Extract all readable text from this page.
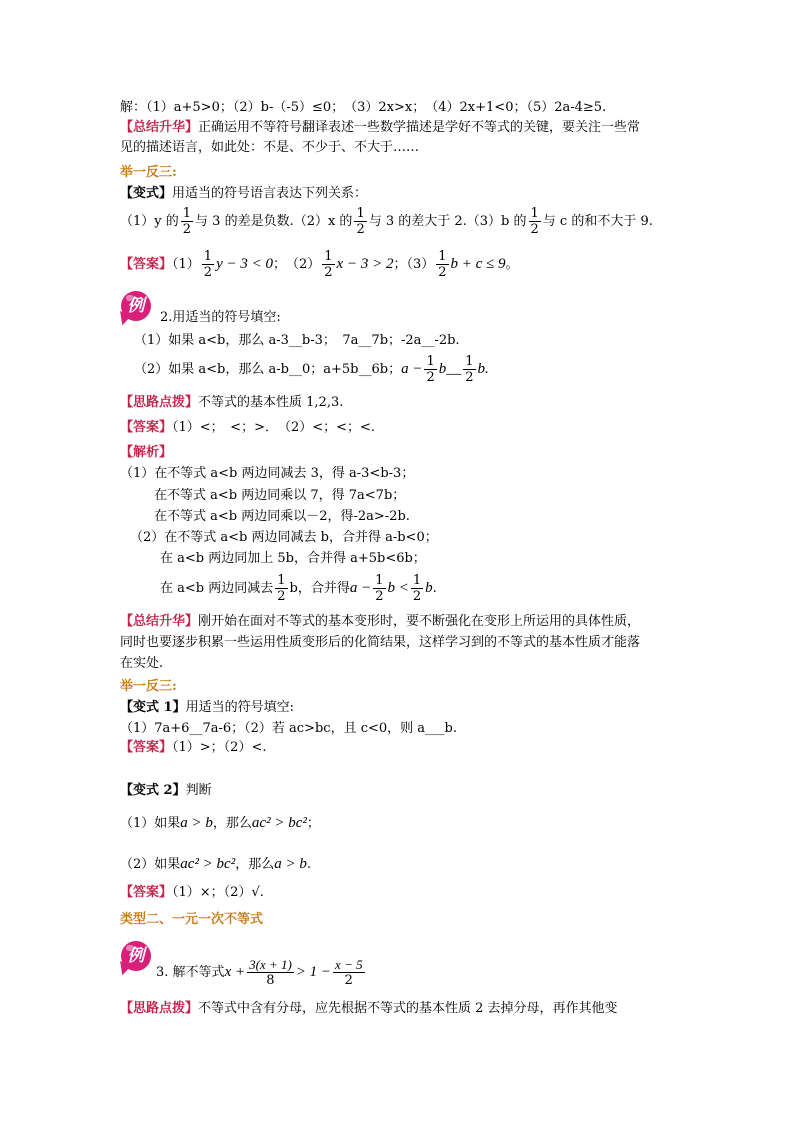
解：（1）a+5>0；（2）b-（-5）≤0；　（3）2x>x；　（4）2x+1<0；（5）2a-4≥5.
【总结升华】正确运用不等符号翻译表述一些数学描述是学好不等式的关键，要关注一些常
见的描述语言，如此处：不是、不少于、不大于……
举一反三:
【变式】用适当的符号语言表达下列关系：
（1）y 的 $\frac{1}{2}$ 与 3 的差是负数.（2）x 的 $\frac{1}{2}$ 与 3 的差大于 2.（3）b 的 $\frac{1}{2}$ 与 c 的和不大于 9.
【答案】$(1) \frac{1}{2}$ y − 3 < 0；　$(2) \frac{1}{2}$ x − 3 > 2；$(3) \frac{1}{2}$ b + c ≤ 9。
例
2.用适当的符号填空:
（1）如果 a<b，那么 a-3__b-3；　7a__7b；-2a__-2b.
（2）如果 a<b，那么 a-b__0；a+5b__6b；$a - \frac{1}{2}$ b__ $\frac{1}{2} b$.
【思路点拨】不等式的基本性质 1,2,3.
【答案】（1）<；　<；>．　（2）<；<；<.
【解析】
（1）在不等式 a<b 两边同减去 3，得 a-3<b-3；
在不等式 a<b 两边同乘以 7，得 7a<7b；
在不等式 a<b 两边同乘以－2，得-2a>-2b.
（2）在不等式 a<b 两边同减去 b，合并得 a-b<0；
在 a<b 两边同加上 5b，合并得 a+5b<6b；
在 a<b 两边同减去 $\frac{1}{2}$ b，合并得$a - \frac{1}{2}$ $b < \frac{1}{2} b$.
【总结升华】刚开始在面对不等式的基本变形时，要不断强化在变形上所运用的具体性质，
同时也要逐步积累一些运用性质变形后的化简结果，这样学习到的不等式的基本性质才能落
在实处.
举一反三:
【变式 1】用适当的符号填空:
（1）7a+6__7a-6；（2）若 ac>bc，且 c<0，则 a___b.
【答案】（1）>；（2）<.
【变式 2】判断
（1）如果a > b，那么ac² > bc²；
（2）如果ac² > bc²，那么a > b.
【答案】（1）×；（2）√.
类型二、一元一次不等式
例
3. 解不等式$x + \frac{3(x + 1)}{8} > 1 - \frac{x - 5}{2}$
【思路点拨】不等式中含有分母，应先根据不等式的基本性质 2 去掉分母，再作其他变
